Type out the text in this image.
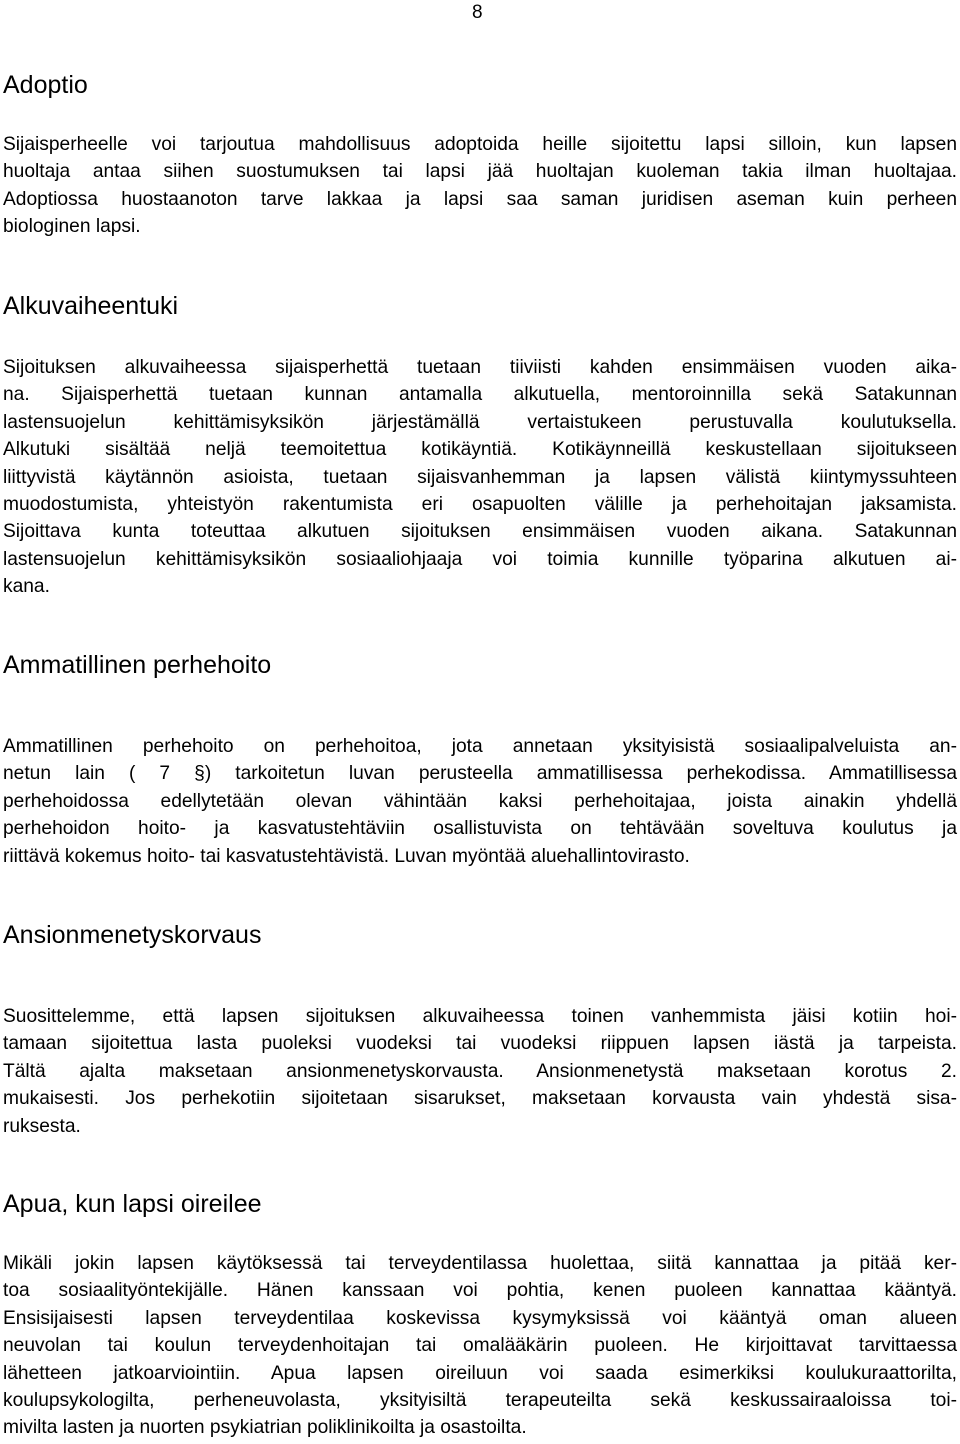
8
Adoptio
Sijaisperheelle voi tarjoutua mahdollisuus adoptoida heille sijoitettu lapsi silloin, kun lapsen
huoltaja antaa siihen suostumuksen tai lapsi jää huoltajan kuoleman takia ilman huoltajaa.
Adoptiossa huostaanoton tarve lakkaa ja lapsi saa saman juridisen aseman kuin perheen
biologinen lapsi.
Alkuvaiheentuki
Sijoituksen alkuvaiheessa sijaisperhettä tuetaan tiiviisti kahden ensimmäisen vuoden aika-
na. Sijaisperhettä tuetaan kunnan antamalla alkutuella, mentoroinnilla sekä Satakunnan
lastensuojelun kehittämisyksikön järjestämällä vertaistukeen perustuvalla koulutuksella.
Alkutuki sisältää neljä teemoitettua kotikäyntiä. Kotikäynneillä keskustellaan sijoitukseen
liittyvistä käytännön asioista, tuetaan sijaisvanhemman ja lapsen välistä kiintymyssuhteen
muodostumista, yhteistyön rakentumista eri osapuolten välille ja perhehoitajan jaksamista.
Sijoittava kunta toteuttaa alkutuen sijoituksen ensimmäisen vuoden aikana. Satakunnan
lastensuojelun kehittämisyksikön sosiaaliohjaaja voi toimia kunnille työparina alkutuen ai-
kana.
Ammatillinen perhehoito
Ammatillinen perhehoito on perhehoitoa, jota annetaan yksityisistä sosiaalipalveluista an-
netun lain ( 7 §) tarkoitetun luvan perusteella ammatillisessa perhekodissa. Ammatillisessa
perhehoidossa edellytetään olevan vähintään kaksi perhehoitajaa, joista ainakin yhdellä
perhehoidon hoito- ja kasvatustehtäviin osallistuvista on tehtävään soveltuva koulutus ja
riittävä kokemus hoito- tai kasvatustehtävistä. Luvan myöntää aluehallintovirasto.
Ansionmenetyskorvaus
Suosittelemme, että lapsen sijoituksen alkuvaiheessa toinen vanhemmista jäisi kotiin hoi-
tamaan sijoitettua lasta puoleksi vuodeksi tai vuodeksi riippuen lapsen iästä ja tarpeista.
Tältä ajalta maksetaan ansionmenetyskorvausta. Ansionmenetystä maksetaan korotus 2.
mukaisesti. Jos perhekotiin sijoitetaan sisarukset, maksetaan korvausta vain yhdestä sisa-
ruksesta.
Apua, kun lapsi oireilee
Mikäli jokin lapsen käytöksessä tai terveydentilassa huolettaa, siitä kannattaa ja pitää ker-
toa sosiaalityöntekijälle. Hänen kanssaan voi pohtia, kenen puoleen kannattaa kääntyä.
Ensisijaisesti lapsen terveydentilaa koskevissa kysymyksissä voi kääntyä oman alueen
neuvolan tai koulun terveydenhoitajan tai omalääkärin puoleen. He kirjoittavat tarvittaessa
lähetteen jatkoarviointiin. Apua lapsen oireiluun voi saada esimerkiksi koulukuraattorilta,
koulupsykologilta, perheneuvolasta, yksityisiltä terapeuteilta sekä keskussairaaloissa toi-
mivilta lasten ja nuorten psykiatrian poliklinikoilta ja osastoilta.
